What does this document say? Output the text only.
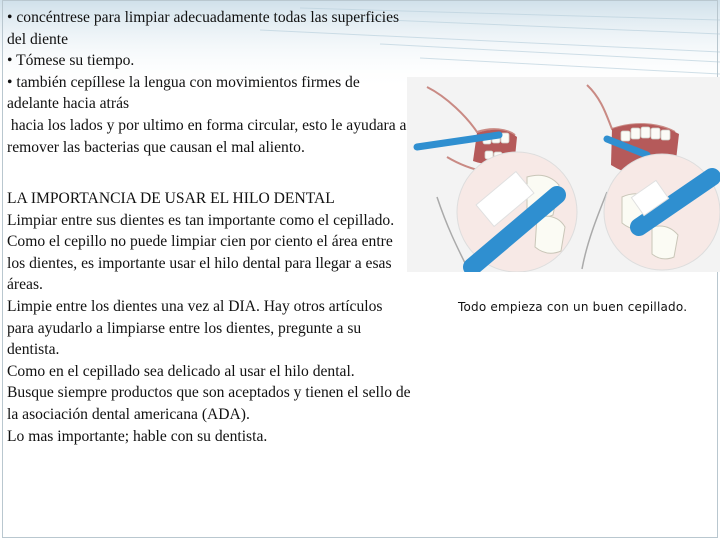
• concéntrese para limpiar adecuadamente todas las superficies del diente

• Tómese su tiempo.

• también cepíllese la lengua con movimientos firmes de adelante hacia atrás

hacia los lados y por ultimo en forma circular, esto le ayudara a remover las bacterias que causan el mal aliento.

LA IMPORTANCIA DE USAR EL HILO DENTAL

Limpiar entre sus dientes es tan importante como el cepillado.

Como el cepillo no puede limpiar cien por ciento el área entre los dientes, es importante usar el hilo dental para llegar a esas áreas.

Limpie entre los dientes una vez al DIA. Hay otros artículos para ayudarlo a limpiarse entre los dientes, pregunte a su dentista.

Como en el cepillado sea delicado al usar el hilo dental.

Busque siempre productos que son aceptados y tienen el sello de la asociación dental americana (ADA).

Lo mas importante; hable con su dentista.

Todo empieza con un buen cepillado.
